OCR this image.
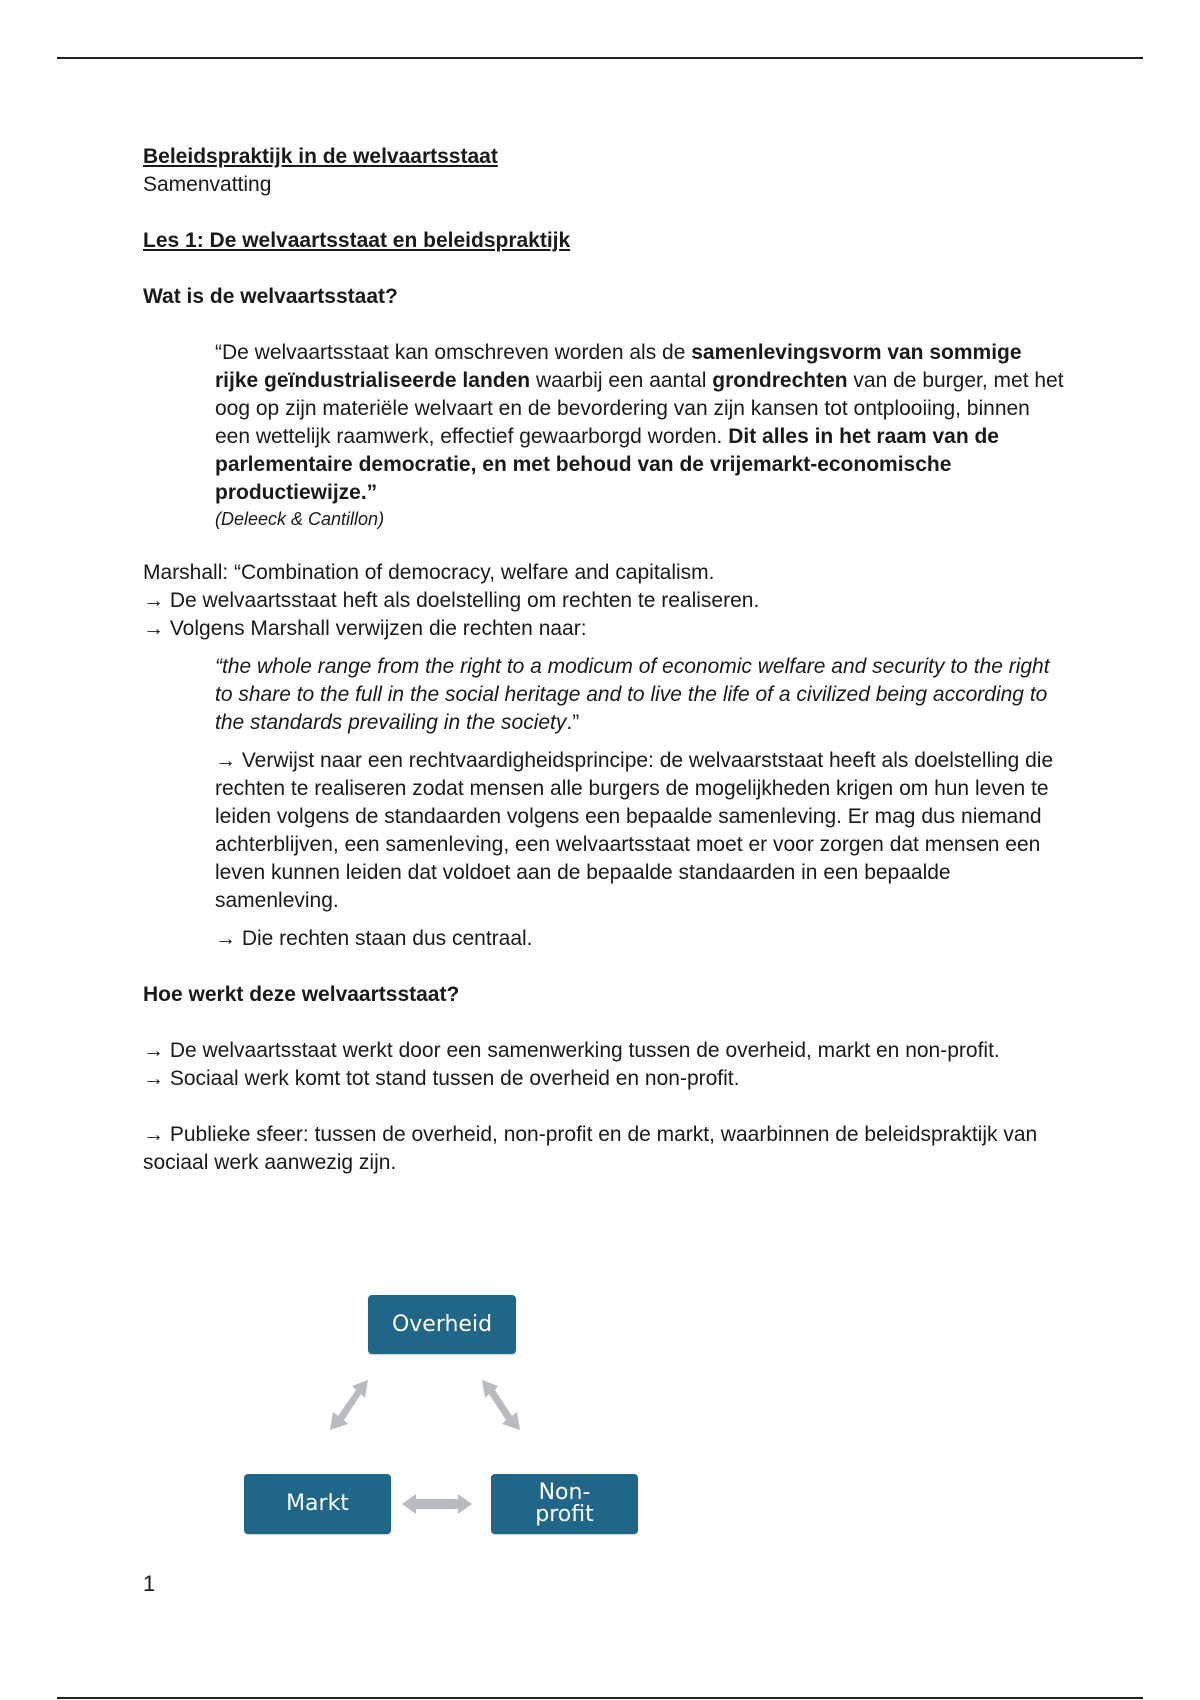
Beleidspraktijk in de welvaartsstaat

Samenvatting

Les 1: De welvaartsstaat en beleidspraktijk

Wat is de welvaartsstaat?

“De welvaartsstaat kan omschreven worden als de samenlevingsvorm van sommige rijke geïndustrialiseerde landen waarbij een aantal grondrechten van de burger, met het oog op zijn materiële welvaart en de bevordering van zijn kansen tot ontplooiing, binnen een wettelijk raamwerk, effectief gewaarborgd worden. Dit alles in het raam van de parlementaire democratie, en met behoud van de vrijemarkt-economische productiewijze.”

(Deleeck & Cantillon)

Marshall: “Combination of democracy, welfare and capitalism.

→ De welvaartsstaat heft als doelstelling om rechten te realiseren.

→ Volgens Marshall verwijzen die rechten naar:

“the whole range from the right to a modicum of economic welfare and security to the right to share to the full in the social heritage and to live the life of a civilized being according to the standards prevailing in the society.”

→ Verwijst naar een rechtvaardigheidsprincipe: de welvaarststaat heeft als doelstelling die rechten te realiseren zodat mensen alle burgers de mogelijkheden krigen om hun leven te leiden volgens de standaarden volgens een bepaalde samenleving. Er mag dus niemand achterblijven, een samenleving, een welvaartsstaat moet er voor zorgen dat mensen een leven kunnen leiden dat voldoet aan de bepaalde standaarden in een bepaalde samenleving.

→ Die rechten staan dus centraal.

Hoe werkt deze welvaartsstaat?

→ De welvaartsstaat werkt door een samenwerking tussen de overheid, markt en non-profit.

→ Sociaal werk komt tot stand tussen de overheid en non-profit.

→ Publieke sfeer: tussen de overheid, non-profit en de markt, waarbinnen de beleidspraktijk van sociaal werk aanwezig zijn.

Overheid
Markt	Non-
profit
1
